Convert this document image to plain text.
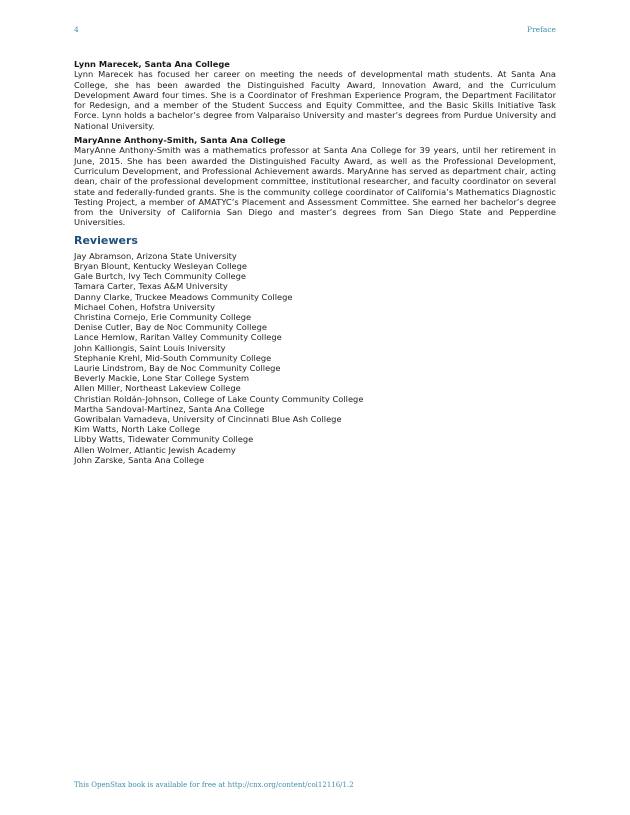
4	Preface

Lynn Marecek, Santa Ana College

Lynn Marecek has focused her career on meeting the needs of developmental math students. At Santa Ana College, she has been awarded the Distinguished Faculty Award, Innovation Award, and the Curriculum Development Award four times. She is a Coordinator of Freshman Experience Program, the Department Facilitator for Redesign, and a member of the Student Success and Equity Committee, and the Basic Skills Initiative Task Force. Lynn holds a bachelor’s degree from Valparaiso University and master’s degrees from Purdue University and National University.

MaryAnne Anthony-Smith, Santa Ana College

MaryAnne Anthony-Smith was a mathematics professor at Santa Ana College for 39 years, until her retirement in June, 2015. She has been awarded the Distinguished Faculty Award, as well as the Professional Development, Curriculum Development, and Professional Achievement awards. MaryAnne has served as department chair, acting dean, chair of the professional development committee, institutional researcher, and faculty coordinator on several state and federally-funded grants. She is the community college coordinator of California’s Mathematics Diagnostic Testing Project, a member of AMATYC’s Placement and Assessment Committee. She earned her bachelor’s degree from the University of California San Diego and master’s degrees from San Diego State and Pepperdine Universities.

Reviewers
Jay Abramson, Arizona State University
Bryan Blount, Kentucky Wesleyan College
Gale Burtch, Ivy Tech Community College
Tamara Carter, Texas A&M University
Danny Clarke, Truckee Meadows Community College
Michael Cohen, Hofstra University
Christina Cornejo, Erie Community College
Denise Cutler, Bay de Noc Community College
Lance Hemlow, Raritan Valley Community College
John Kalliongis, Saint Louis Iniversity
Stephanie Krehl, Mid-South Community College
Laurie Lindstrom, Bay de Noc Community College
Beverly Mackie, Lone Star College System
Allen Miller, Northeast Lakeview College
Christian Roldán-Johnson, College of Lake County Community College
Martha Sandoval-Martinez, Santa Ana College
Gowribalan Vamadeva, University of Cincinnati Blue Ash College
Kim Watts, North Lake College
Libby Watts, Tidewater Community College
Allen Wolmer, Atlantic Jewish Academy
John Zarske, Santa Ana College
This OpenStax book is available for free at http://cnx.org/content/col12116/1.2
